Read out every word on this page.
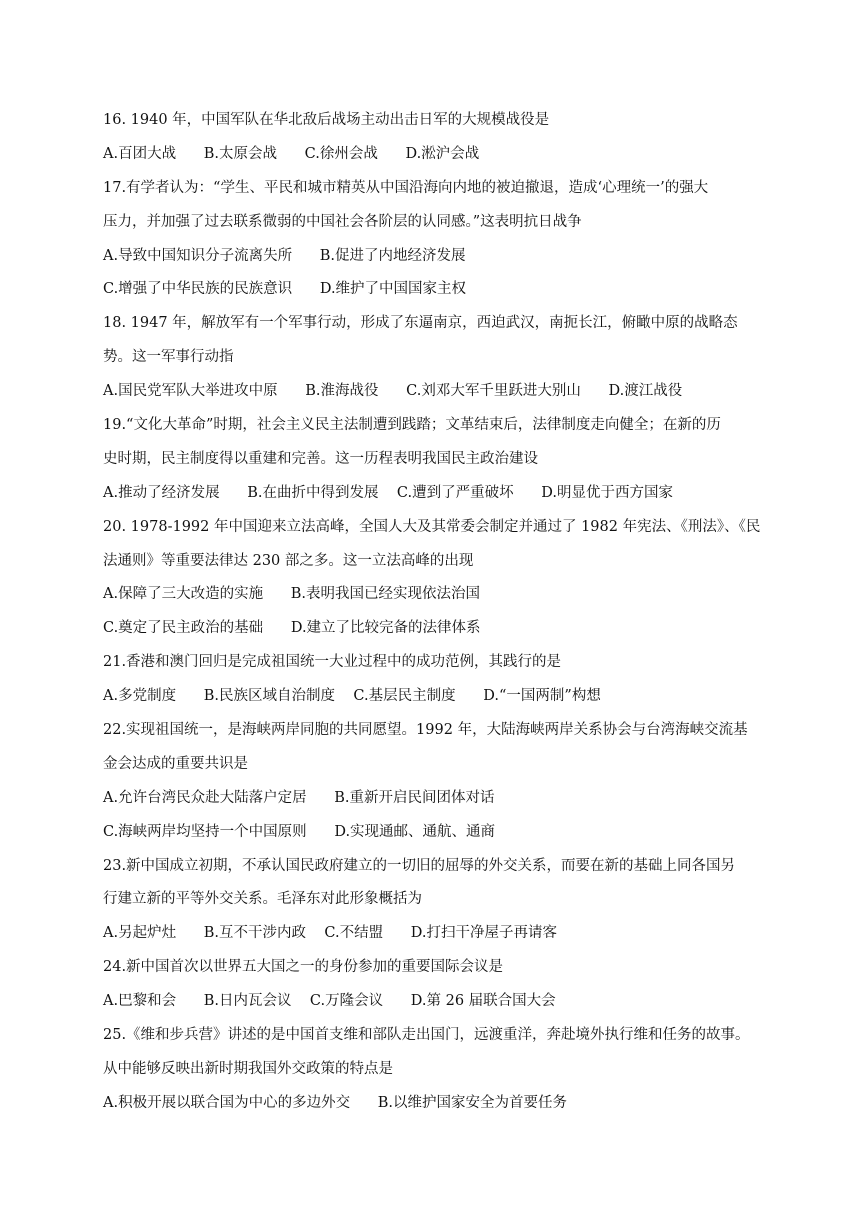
16. 1940 年，中国军队在华北敌后战场主动出击日军的大规模战役是
A.百团大战      B.太原会战      C.徐州会战      D.淞沪会战
17.有学者认为：“学生、平民和城市精英从中国沿海向内地的被迫撤退，造成‘心理统一’的强大
压力，并加强了过去联系微弱的中国社会各阶层的认同感。”这表明抗日战争
A.导致中国知识分子流离失所      B.促进了内地经济发展
C.增强了中华民族的民族意识      D.维护了中国国家主权
18. 1947 年，解放军有一个军事行动，形成了东逼南京，西迫武汉，南扼长江，俯瞰中原的战略态
势。这一军事行动指
A.国民党军队大举进攻中原      B.淮海战役      C.刘邓大军千里跃进大别山      D.渡江战役
19.“文化大革命”时期，社会主义民主法制遭到践踏；文革结束后，法律制度走向健全；在新的历
史时期，民主制度得以重建和完善。这一历程表明我国民主政治建设
A.推动了经济发展      B.在曲折中得到发展    C.遭到了严重破坏      D.明显优于西方国家
20. 1978-1992 年中国迎来立法高峰，全国人大及其常委会制定并通过了 1982 年宪法、《刑法》、《民
法通则》等重要法律达 230 部之多。这一立法高峰的出现
A.保障了三大改造的实施      B.表明我国已经实现依法治国
C.奠定了民主政治的基础      D.建立了比较完备的法律体系
21.香港和澳门回归是完成祖国统一大业过程中的成功范例，其践行的是
A.多党制度      B.民族区域自治制度    C.基层民主制度      D.“一国两制”构想
22.实现祖国统一，是海峡两岸同胞的共同愿望。1992 年，大陆海峡两岸关系协会与台湾海峡交流基
金会达成的重要共识是
A.允许台湾民众赴大陆落户定居      B.重新开启民间团体对话
C.海峡两岸均坚持一个中国原则      D.实现通邮、通航、通商
23.新中国成立初期，不承认国民政府建立的一切旧的屈辱的外交关系，而要在新的基础上同各国另
行建立新的平等外交关系。毛泽东对此形象概括为
A.另起炉灶      B.互不干涉内政    C.不结盟      D.打扫干净屋子再请客
24.新中国首次以世界五大国之一的身份参加的重要国际会议是
A.巴黎和会      B.日内瓦会议    C.万隆会议      D.第 26 届联合国大会
25.《维和步兵营》讲述的是中国首支维和部队走出国门，远渡重洋，奔赴境外执行维和任务的故事。
从中能够反映出新时期我国外交政策的特点是
A.积极开展以联合国为中心的多边外交      B.以维护国家安全为首要任务
